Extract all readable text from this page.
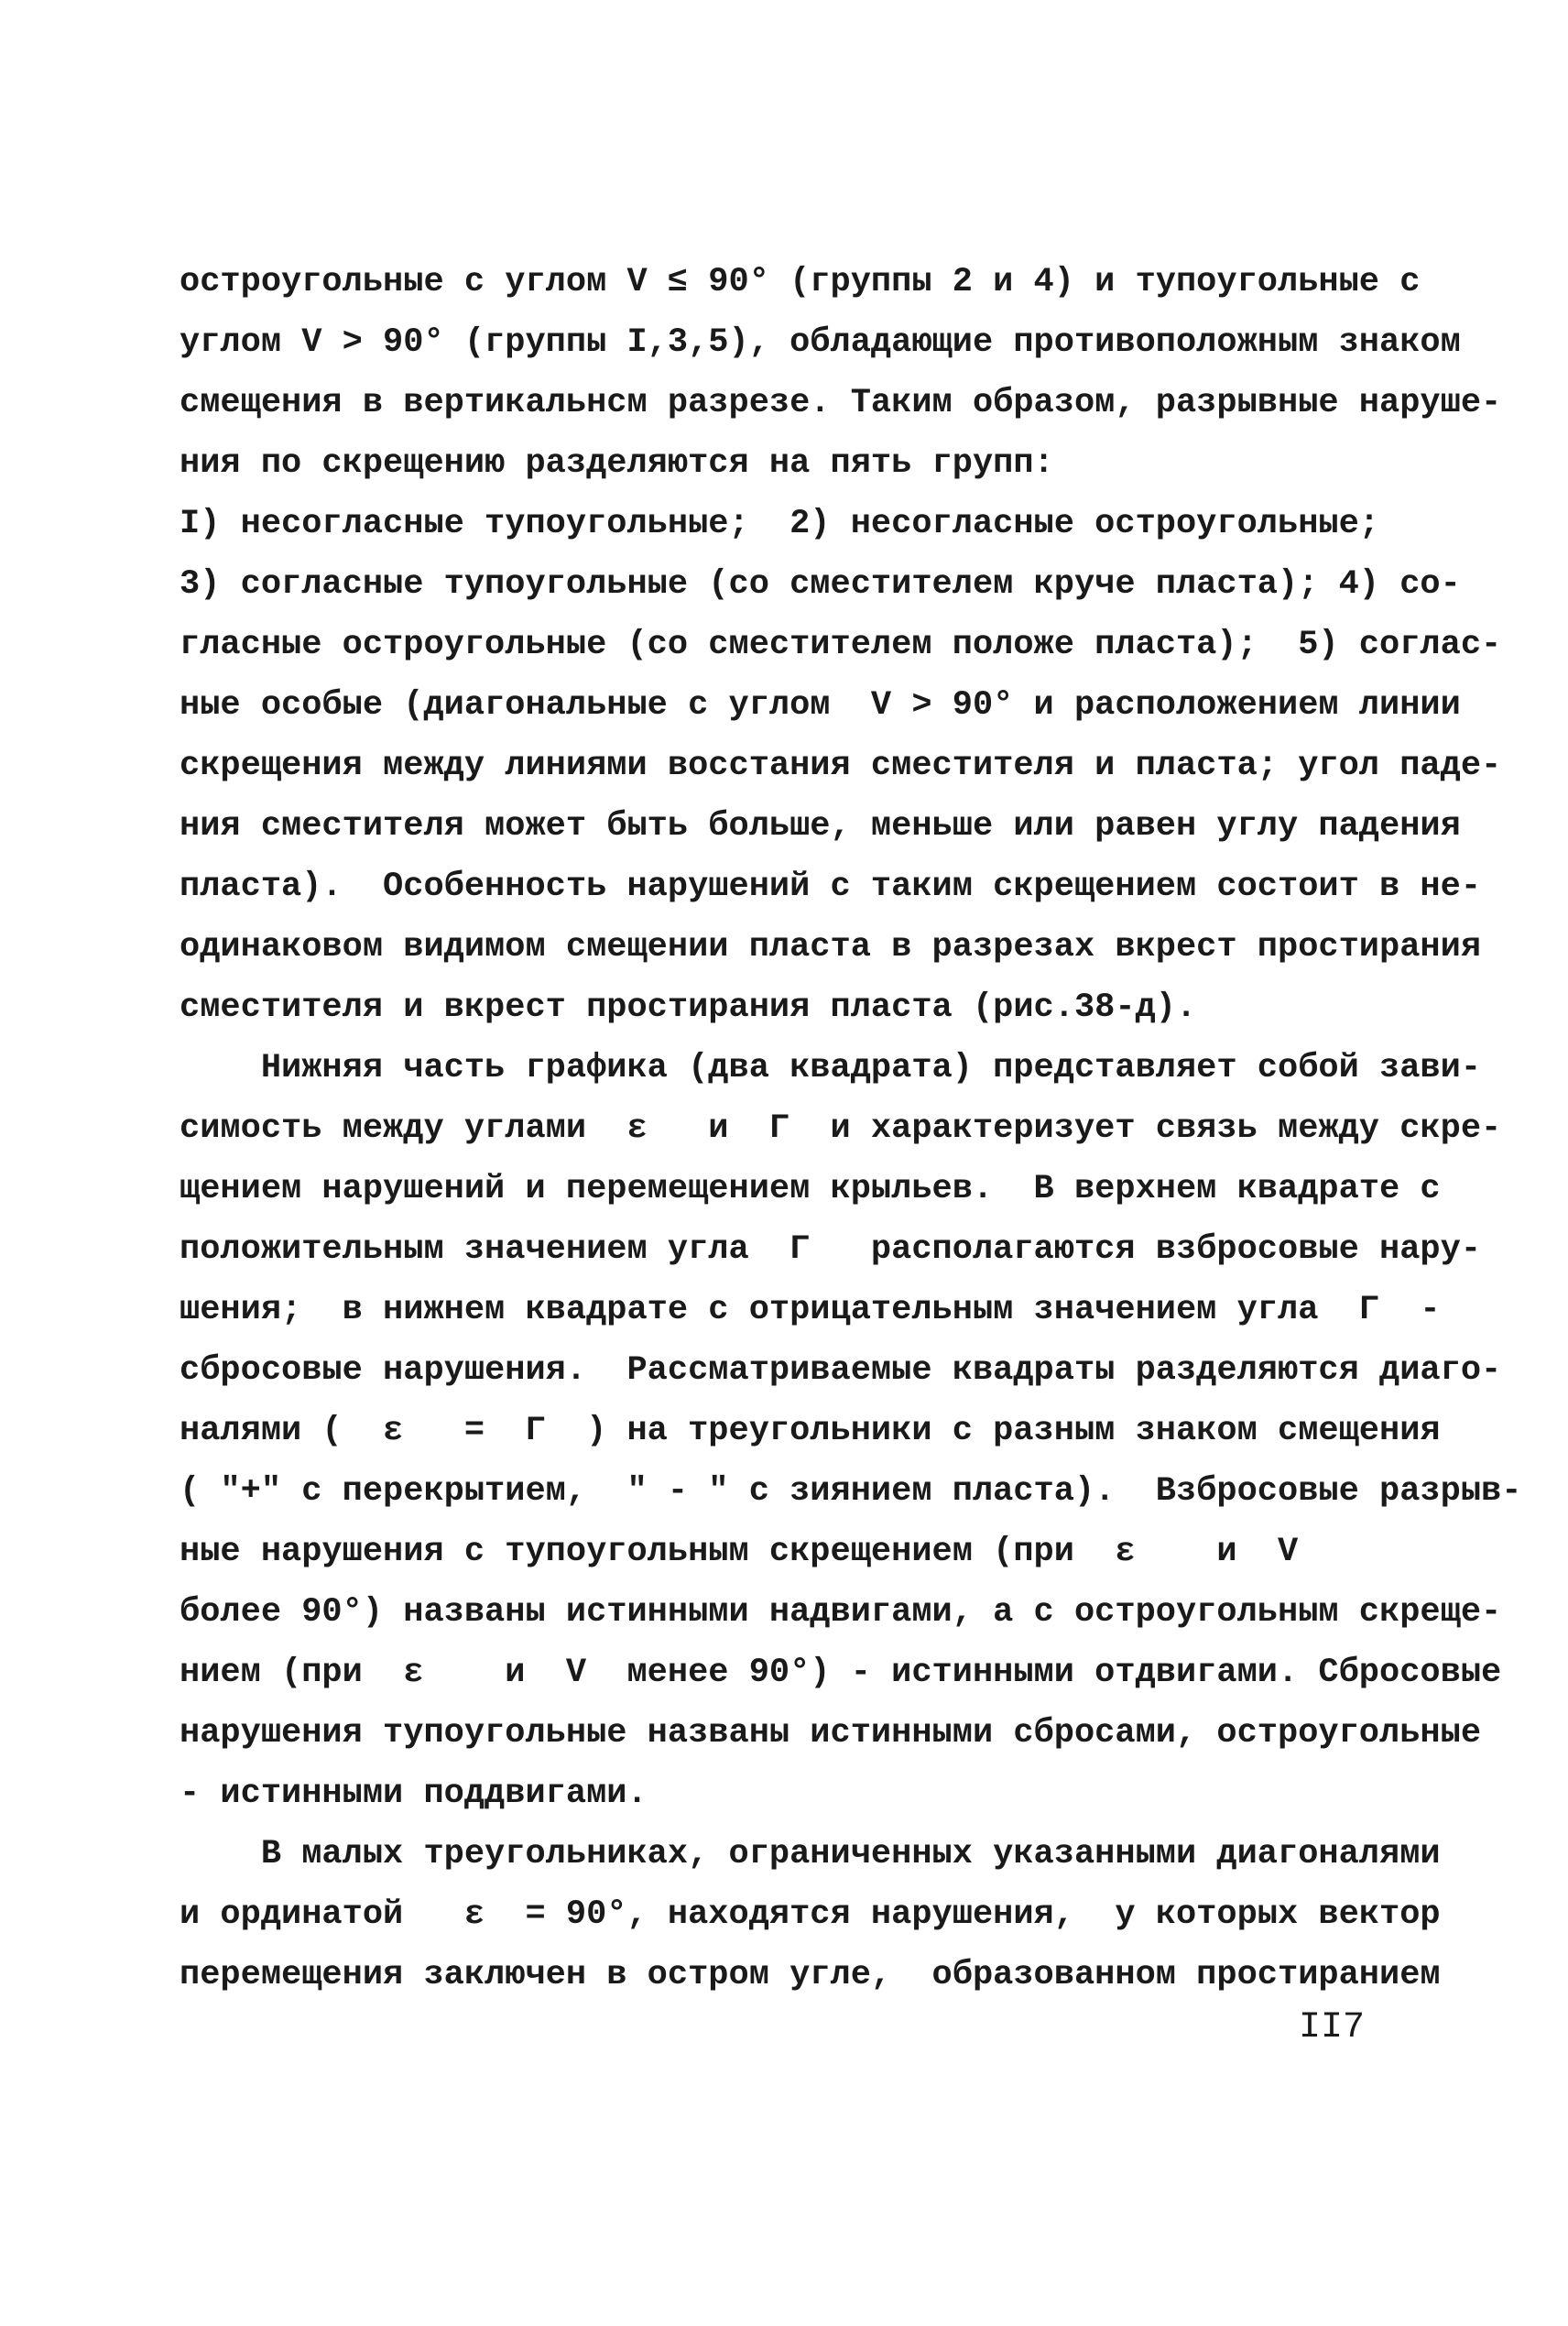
остроугольные с углом V ≤ 90° (группы 2 и 4) и тупоугольные с
углом V > 90° (группы I,3,5), обладающие противоположным знаком
смещения в вертикальнсм разрезе. Таким образом, разрывные наруше-
ния по скрещению разделяются на пять групп:
I) несогласные тупоугольные;  2) несогласные остроугольные;
3) согласные тупоугольные (со сместителем круче пласта); 4) со-
гласные остроугольные (со сместителем положе пласта);  5) соглас-
ные особые (диагональные с углом  V > 90° и расположением линии
скрещения между линиями восстания сместителя и пласта; угол паде-
ния сместителя может быть больше, меньше или равен углу падения
пласта).  Особенность нарушений с таким скрещением состоит в не-
одинаковом видимом смещении пласта в разрезах вкрест простирания
сместителя и вкрест простирания пласта (рис.38-д).
Нижняя часть графика (два квадрата) представляет собой зави-
симость между углами  ε   и  Г  и характеризует связь между скре-
щением нарушений и перемещением крыльев.  В верхнем квадрате с
положительным значением угла  Г   располагаются взбросовые нару-
шения;  в нижнем квадрате с отрицательным значением угла  Г  -
сбросовые нарушения.  Рассматриваемые квадраты разделяются диаго-
налями (  ε   =  Г  ) на треугольники с разным знаком смещения
( "+" с перекрытием,  " - " с зиянием пласта).  Взбросовые разрыв-
ные нарушения с тупоугольным скрещением (при  ε    и  V
более 90°) названы истинными надвигами, а с остроугольным скреще-
нием (при  ε    и  V  менее 90°) - истинными отдвигами. Сбросовые
нарушения тупоугольные названы истинными сбросами, остроугольные
- истинными поддвигами.
В малых треугольниках, ограниченных указанными диагоналями
и ординатой   ε  = 90°, находятся нарушения,  у которых вектор
перемещения заключен в остром угле,  образованном простиранием
II7
